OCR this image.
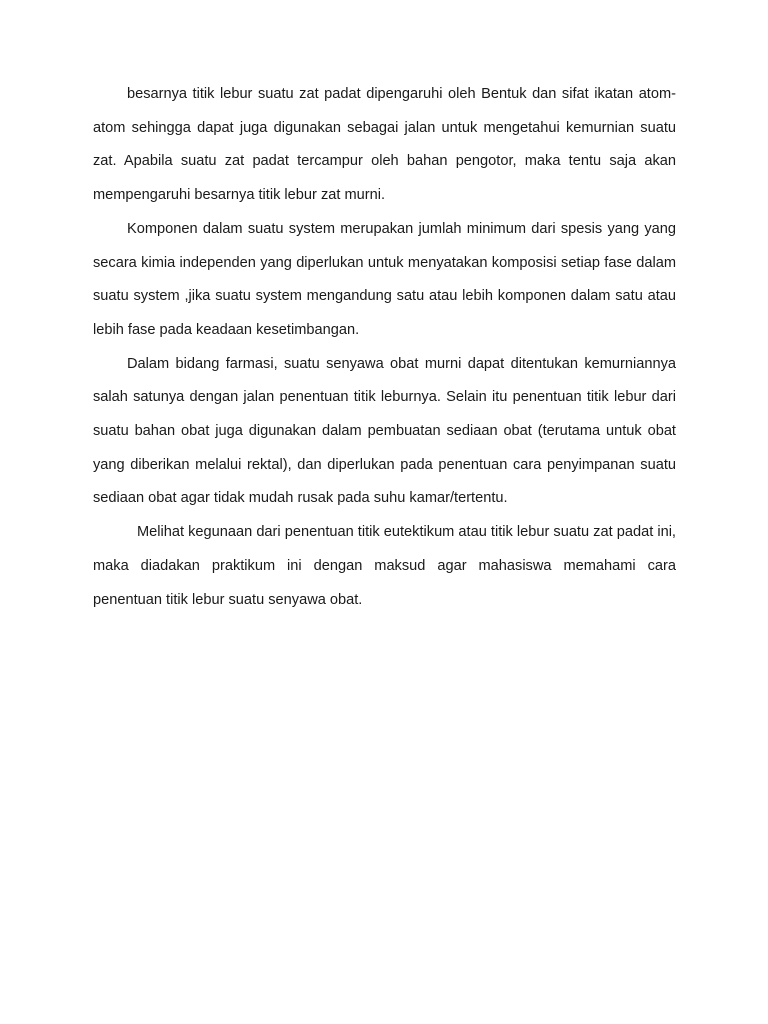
besarnya titik lebur suatu zat padat dipengaruhi oleh Bentuk dan sifat ikatan atom-atom sehingga dapat juga digunakan sebagai jalan untuk mengetahui kemurnian suatu zat. Apabila suatu zat padat tercampur oleh bahan pengotor, maka tentu saja akan mempengaruhi besarnya titik lebur zat murni.

Komponen dalam suatu system merupakan jumlah minimum dari spesis yang yang secara kimia independen yang diperlukan untuk menyatakan komposisi setiap fase dalam suatu system ,jika suatu system mengandung satu atau lebih komponen dalam satu atau lebih fase pada keadaan kesetimbangan.

Dalam bidang farmasi, suatu senyawa obat murni dapat ditentukan kemurniannya salah satunya dengan jalan penentuan titik leburnya. Selain itu penentuan titik lebur dari suatu bahan obat juga digunakan dalam pembuatan sediaan obat (terutama untuk obat yang diberikan melalui rektal), dan diperlukan pada penentuan cara penyimpanan suatu sediaan obat agar tidak mudah rusak pada suhu kamar/tertentu.

Melihat kegunaan dari penentuan titik eutektikum atau titik lebur suatu zat padat ini, maka diadakan praktikum ini dengan maksud agar mahasiswa memahami cara penentuan titik lebur suatu senyawa obat.
